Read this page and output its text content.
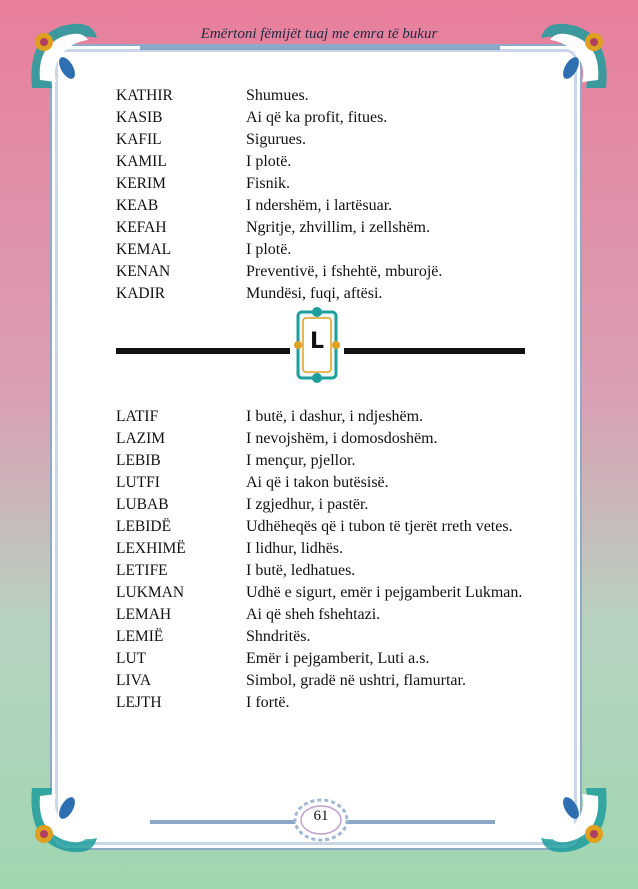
Emërtoni fëmijët tuaj me emra të bukur
KATHIR	Shumues.
KASIB	Ai që ka profit, fitues.
KAFIL	Sigurues.
KAMIL	I plotë.
KERIM	Fisnik.
KEAB	I ndershëm, i lartësuar.
KEFAH	Ngritje, zhvillim, i zellshëm.
KEMAL	I plotë.
KENAN	Preventivë, i fshehtë, mburojë.
KADIR	Mundësi, fuqi, aftësi.
L
LATIF	I butë, i dashur, i ndjeshëm.
LAZIM	I nevojshëm, i domosdoshëm.
LEBIB	I mençur, pjellor.
LUTFI	Ai që i takon butësisë.
LUBAB	I zgjedhur, i pastër.
LEBIDË	Udhëheqës që i tubon të tjerët rreth vetes.
LEXHIMË	I lidhur, lidhës.
LETIFE	I butë, ledhatues.
LUKMAN	Udhë e sigurt, emër i pejgamberit Lukman.
LEMAH	Ai që sheh fshehtazi.
LEMIË	Shndritës.
LUT	Emër i pejgamberit, Luti a.s.
LIVA	Simbol, gradë në ushtri, flamurtar.
LEJTH	I fortë.
61
